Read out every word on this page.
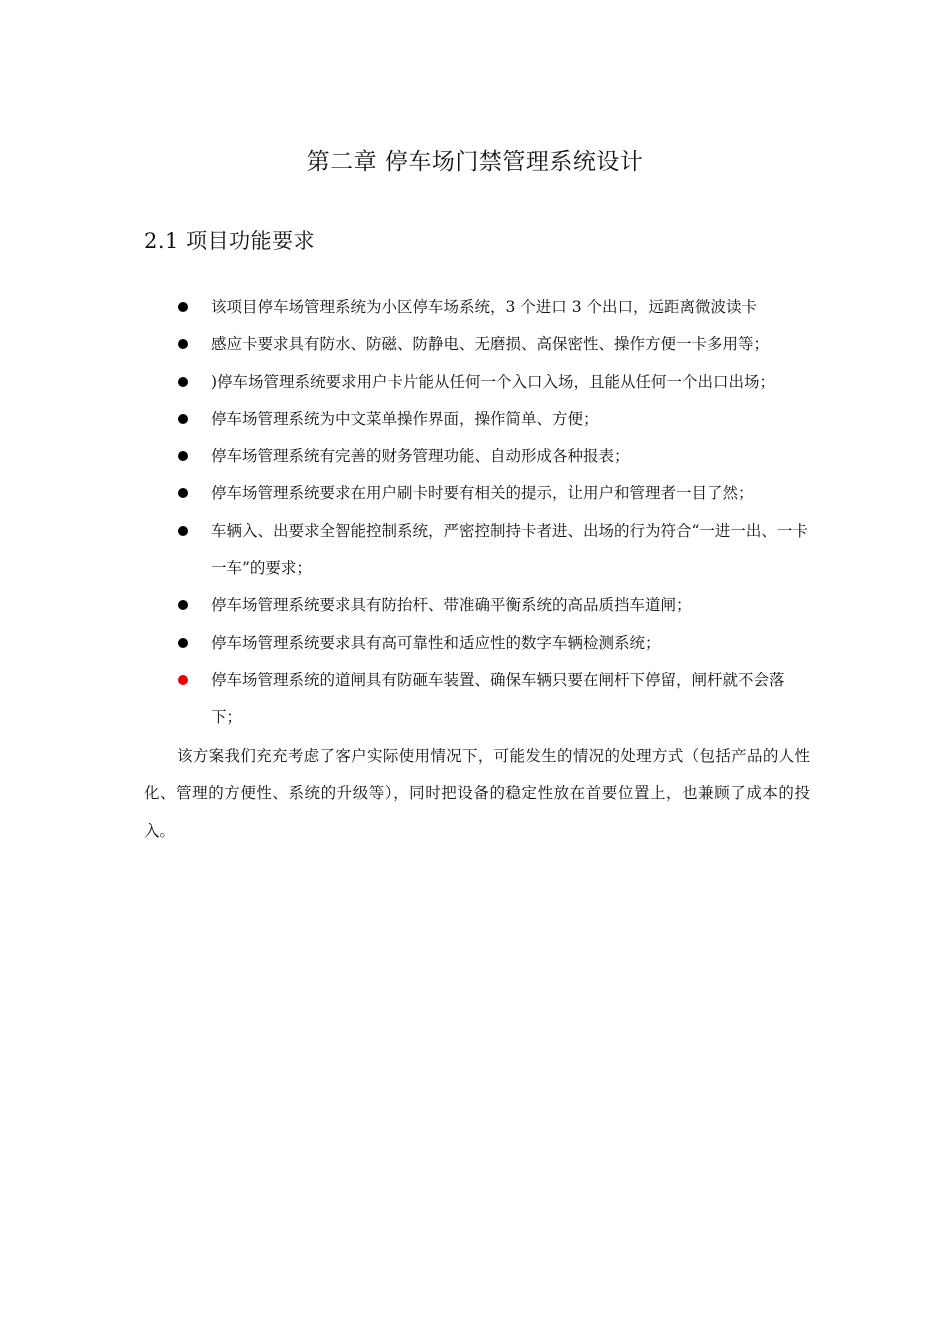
第二章 停车场门禁管理系统设计
2.1 项目功能要求
该项目停车场管理系统为小区停车场系统，3 个进口 3 个出口，远距离微波读卡
感应卡要求具有防水、防磁、防静电、无磨损、高保密性、操作方便一卡多用等；
)停车场管理系统要求用户卡片能从任何一个入口入场，且能从任何一个出口出场；
停车场管理系统为中文菜单操作界面，操作简单、方便；
停车场管理系统有完善的财务管理功能、自动形成各种报表；
停车场管理系统要求在用户刷卡时要有相关的提示，让用户和管理者一目了然；
车辆入、出要求全智能控制系统，严密控制持卡者进、出场的行为符合“一进一出、一卡一车”的要求；
停车场管理系统要求具有防抬杆、带准确平衡系统的高品质挡车道闸；
停车场管理系统要求具有高可靠性和适应性的数字车辆检测系统；
停车场管理系统的道闸具有防砸车装置、确保车辆只要在闸杆下停留，闸杆就不会落下；

该方案我们充充考虑了客户实际使用情况下，可能发生的情况的处理方式（包括产品的人性化、管理的方便性、系统的升级等），同时把设备的稳定性放在首要位置上，也兼顾了成本的投入。
